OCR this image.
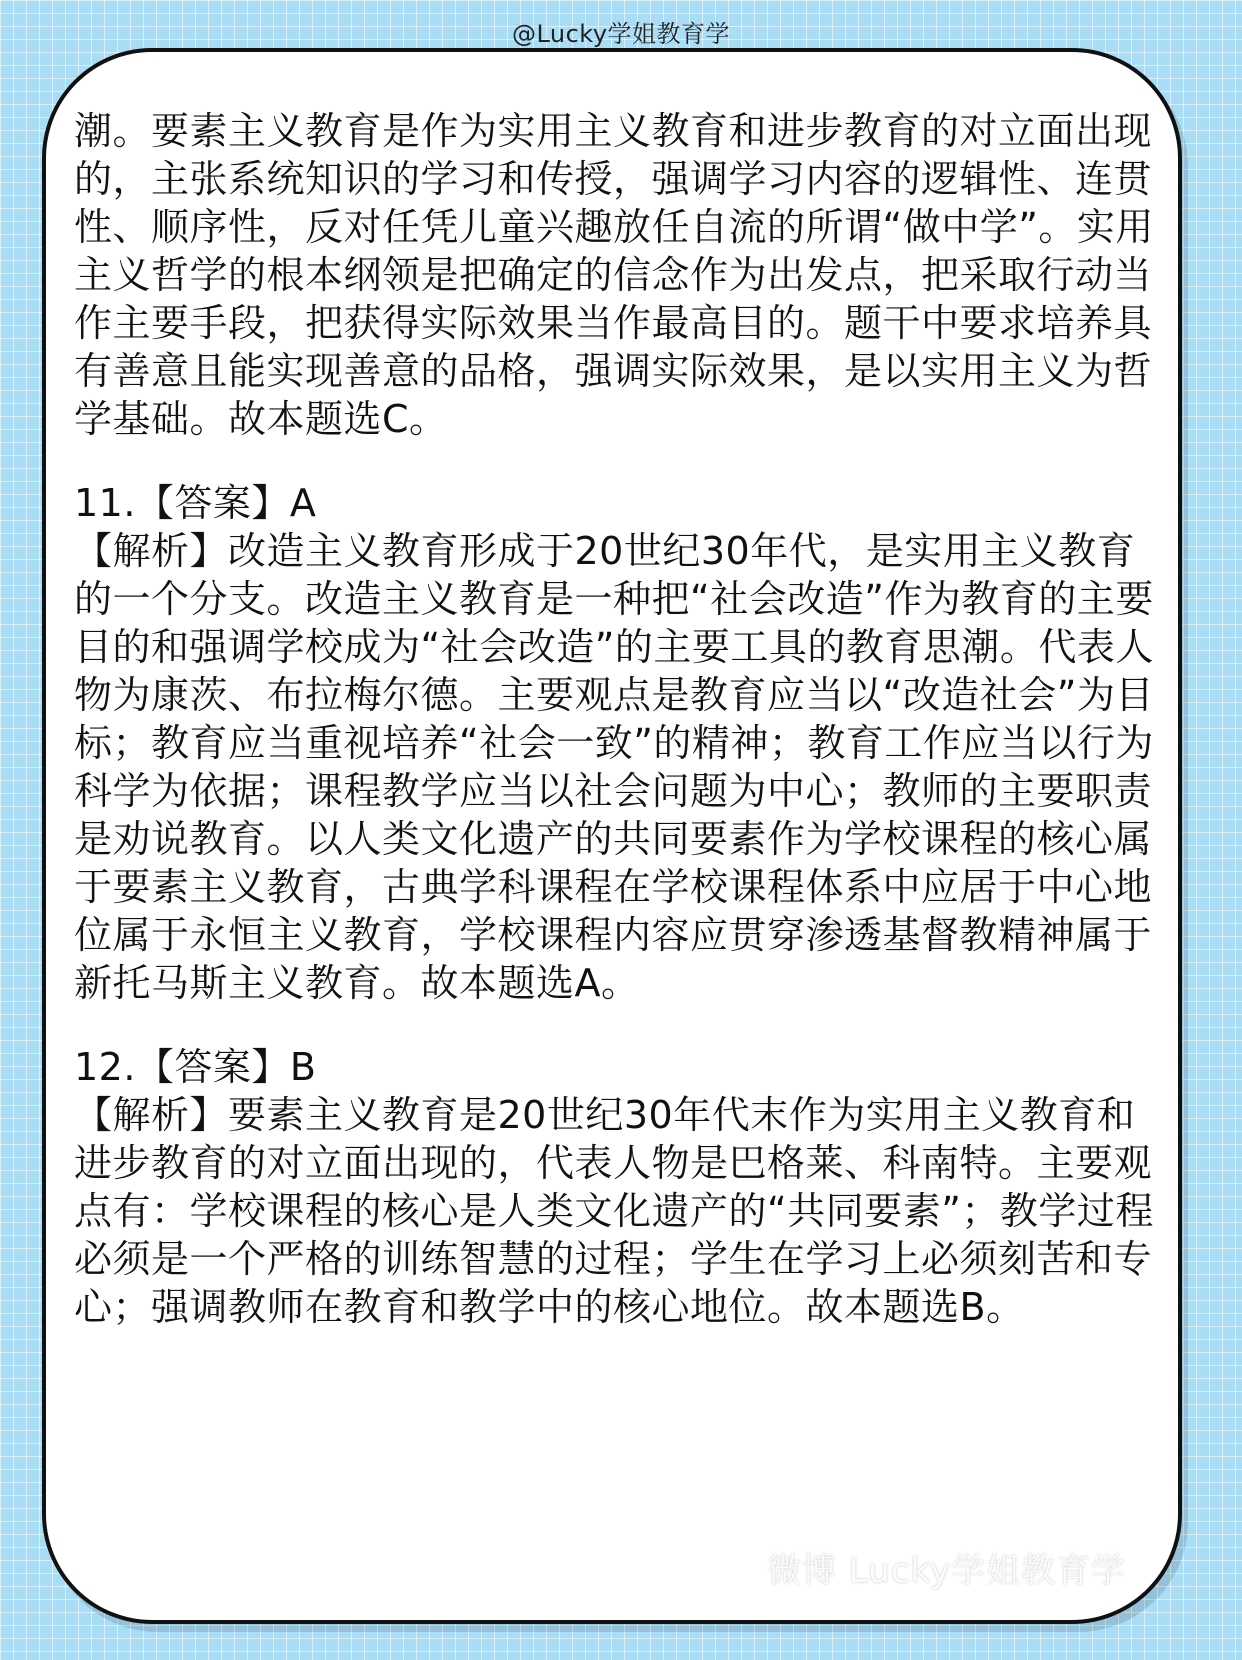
@Lucky学姐教育学

潮。要素主义教育是作为实用主义教育和进步教育的对立面出现的，主张系统知识的学习和传授，强调学习内容的逻辑性、连贯性、顺序性，反对任凭儿童兴趣放任自流的所谓“做中学”。实用主义哲学的根本纲领是把确定的信念作为出发点，把采取行动当作主要手段，把获得实际效果当作最高目的。题干中要求培养具有善意且能实现善意的品格，强调实际效果，是以实用主义为哲学基础。故本题选C。

11.【答案】A

【解析】改造主义教育形成于20世纪30年代，是实用主义教育的一个分支。改造主义教育是一种把“社会改造”作为教育的主要目的和强调学校成为“社会改造”的主要工具的教育思潮。代表人物为康茨、布拉梅尔德。主要观点是教育应当以“改造社会”为目标；教育应当重视培养“社会一致”的精神；教育工作应当以行为科学为依据；课程教学应当以社会问题为中心；教师的主要职责是劝说教育。以人类文化遗产的共同要素作为学校课程的核心属于要素主义教育，古典学科课程在学校课程体系中应居于中心地位属于永恒主义教育，学校课程内容应贯穿渗透基督教精神属于新托马斯主义教育。故本题选A。

12.【答案】B

【解析】要素主义教育是20世纪30年代末作为实用主义教育和进步教育的对立面出现的，代表人物是巴格莱、科南特。主要观点有：学校课程的核心是人类文化遗产的“共同要素”；教学过程必须是一个严格的训练智慧的过程；学生在学习上必须刻苦和专心；强调教师在教育和教学中的核心地位。故本题选B。

微博 Lucky学姐教育学
